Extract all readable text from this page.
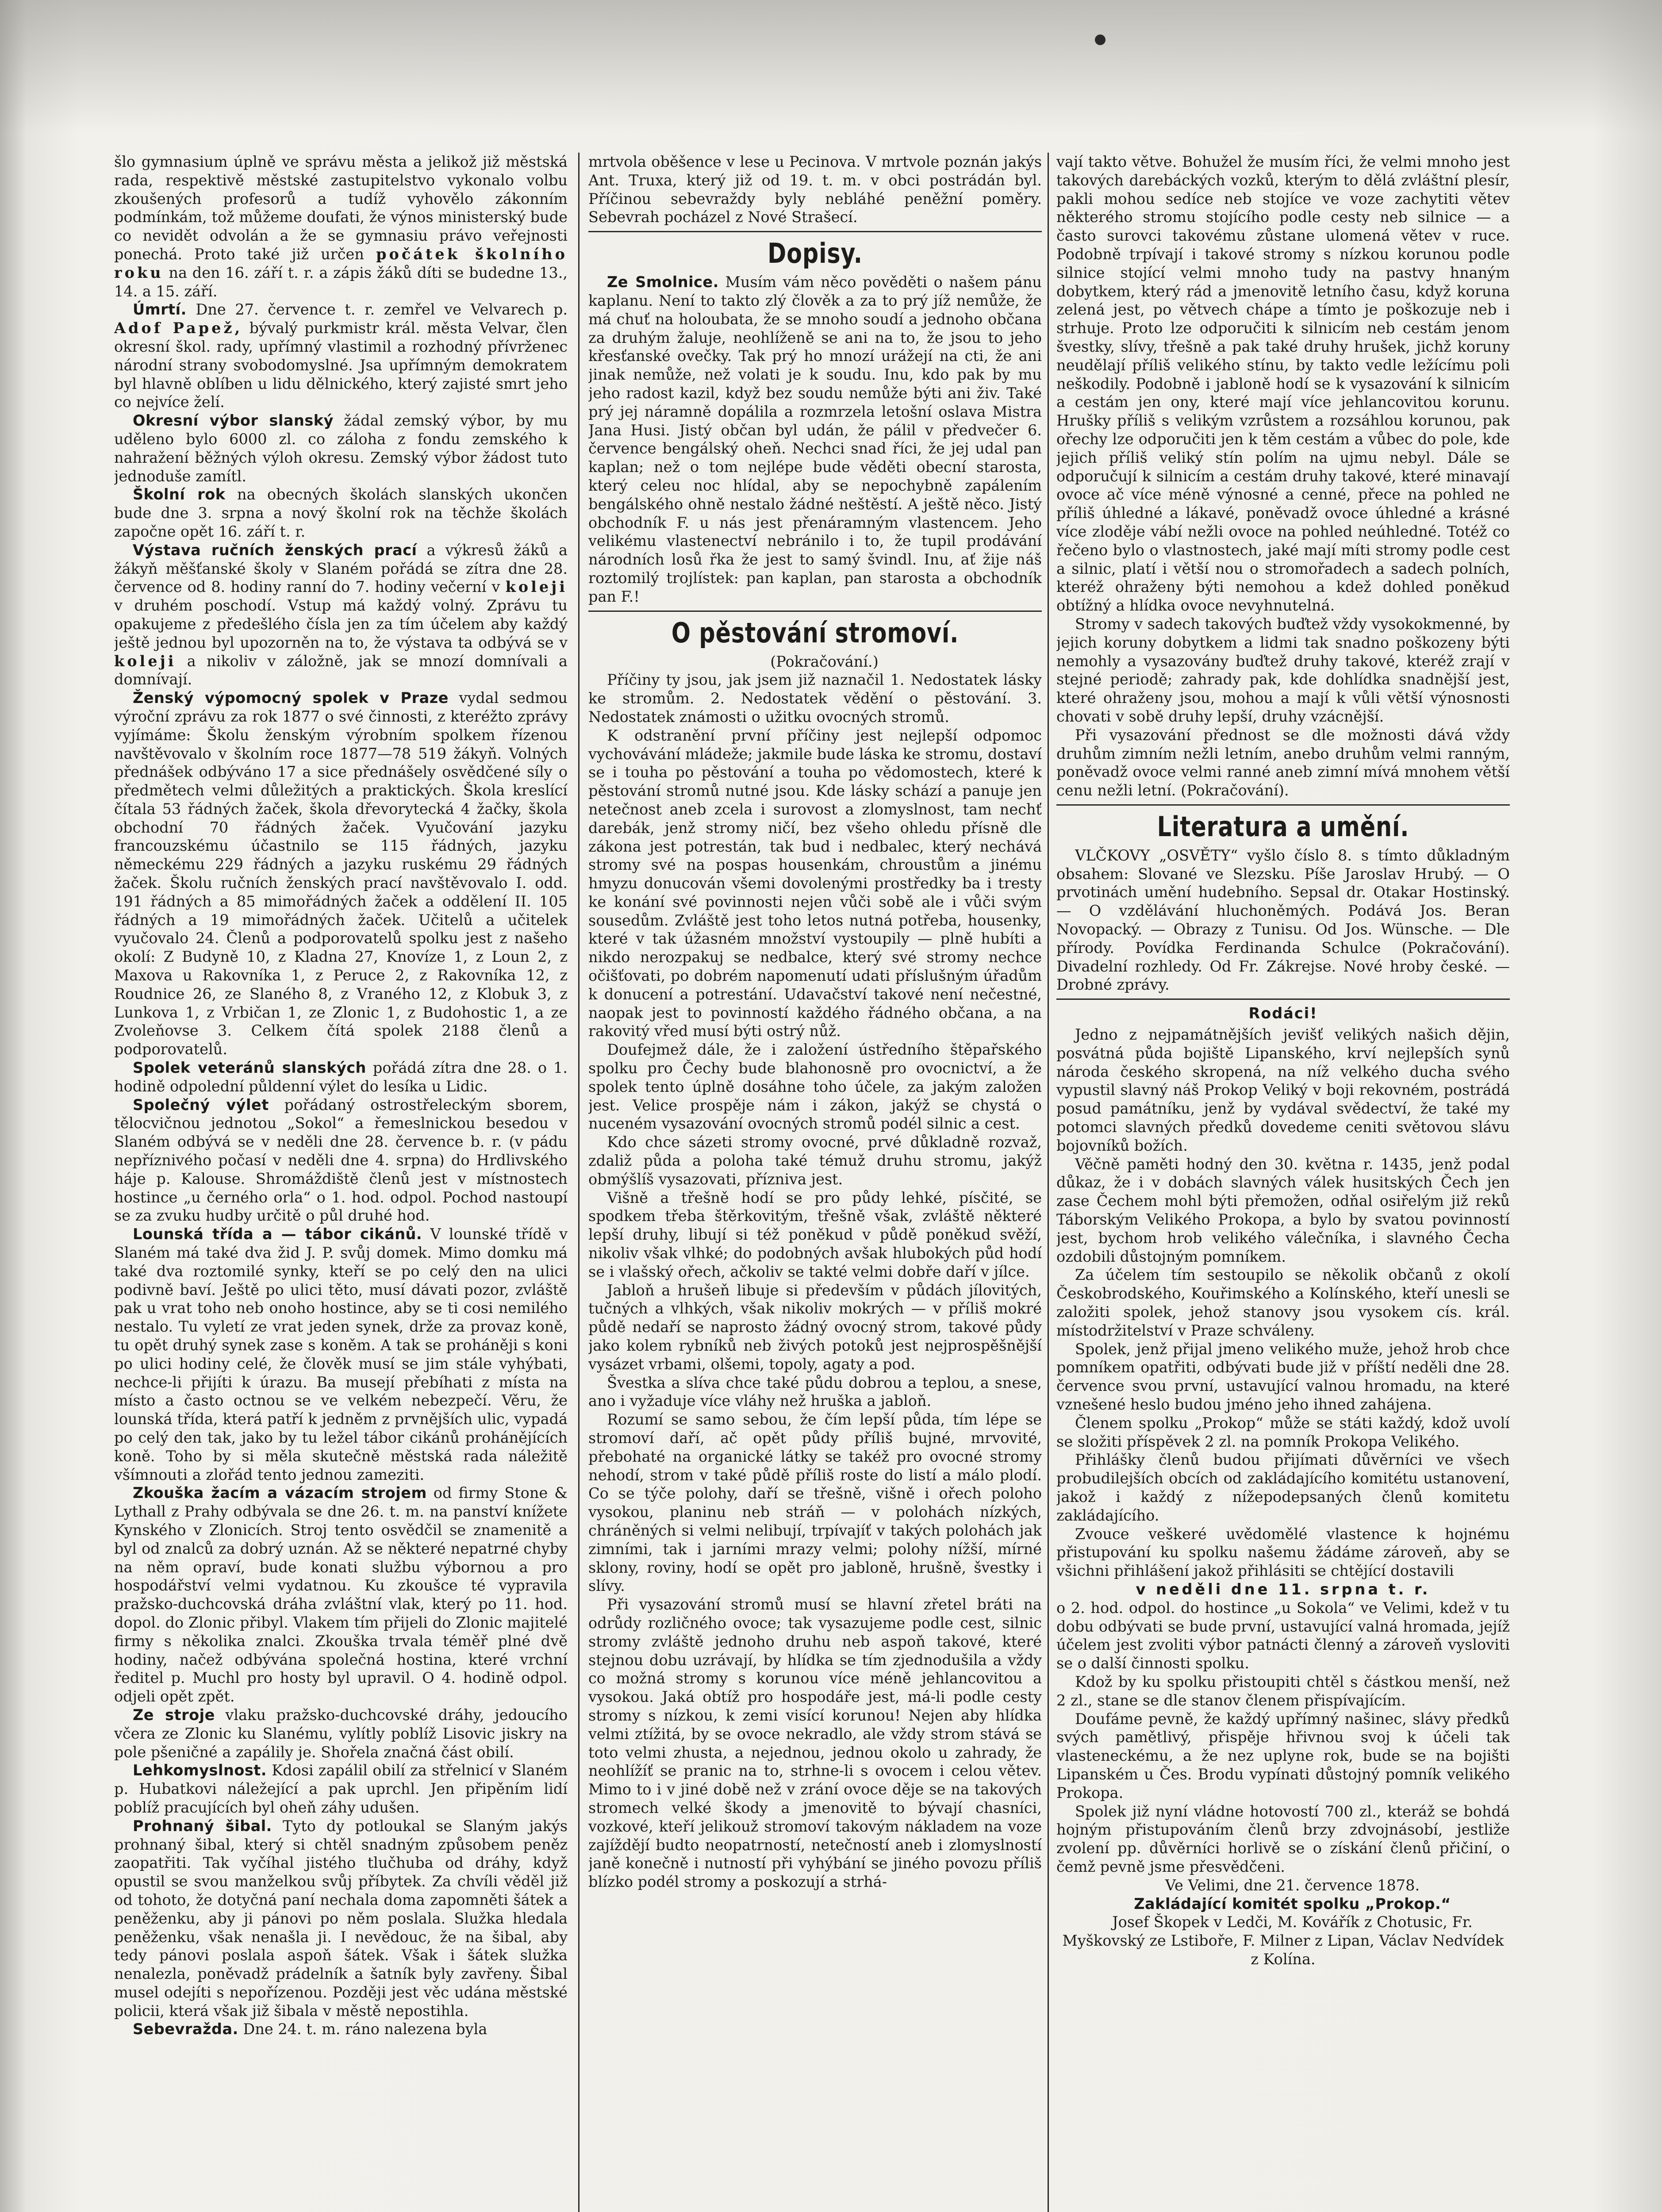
šlo gymnasium úplně ve správu města a jelikož již městská rada, respektivě městské zastupitelstvo vykonalo volbu zkoušených profesorů a tudíž vyhovělo zákonním podmínkám, tož můžeme doufati, že výnos ministerský bude co nevidět odvolán a že se gymnasiu právo veřejnosti ponechá. Proto také již určen počátek školního roku na den 16. září t. r. a zápis žáků díti se budedne 13., 14. a 15. září.

Úmrtí. Dne 27. července t. r. zemřel ve Velvarech p. Adof Papež, bývalý purkmistr král. města Velvar, člen okresní škol. rady, upřímný vlastimil a rozhodný přívrženec národní strany svobodomyslné. Jsa upřímným demokratem byl hlavně oblíben u lidu dělnického, který zajisté smrt jeho co nejvíce želí.

Okresní výbor slanský žádal zemský výbor, by mu uděleno bylo 6000 zl. co záloha z fondu zemského k nahražení běžných výloh okresu. Zemský výbor žádost tuto jednoduše zamítl.

Školní rok na obecných školách slanských ukončen bude dne 3. srpna a nový školní rok na těchže školách započne opět 16. září t. r.

Výstava ručních ženských prací a výkresů žáků a žákyň měšťanské školy v Slaném pořádá se zítra dne 28. července od 8. hodiny ranní do 7. hodiny večerní v koleji v druhém poschodí. Vstup má každý volný. Zprávu tu opakujeme z předešlého čísla jen za tím účelem aby každý ještě jednou byl upozorněn na to, že výstava ta odbývá se v koleji a nikoliv v záložně, jak se mnozí domnívali a domnívají.

Ženský výpomocný spolek v Praze vydal sedmou výroční zprávu za rok 1877 o své činnosti, z kteréžto zprávy vyjímáme: Školu ženským výrobním spolkem řízenou navštěvovalo v školním roce 1877—78 519 žákyň. Volných přednášek odbýváno 17 a sice přednášely osvědčené síly o předmětech velmi důležitých a praktických. Škola kreslící čítala 53 řádných žaček, škola dřevorytecká 4 žačky, škola obchodní 70 řádných žaček. Vyučování jazyku francouzskému účastnilo se 115 řádných, jazyku německému 229 řádných a jazyku ruskému 29 řádných žaček. Školu ručních ženských prací navštěvovalo I. odd. 191 řádných a 85 mimořádných žaček a oddělení II. 105 řádných a 19 mimořádných žaček. Učitelů a učitelek vyučovalo 24. Členů a podporovatelů spolku jest z našeho okolí: Z Budyně 10, z Kladna 27, Knovíze 1, z Loun 2, z Maxova u Rakovníka 1, z Peruce 2, z Rakovníka 12, z Roudnice 26, ze Slaného 8, z Vraného 12, z Klobuk 3, z Lunkova 1, z Vrbičan 1, ze Zlonic 1, z Budohostic 1, a ze Zvoleňovse 3. Celkem čítá spolek 2188 členů a podporovatelů.

Spolek veteránů slanských pořádá zítra dne 28. o 1. hodině odpolední půldenní výlet do lesíka u Lidic.

Společný výlet pořádaný ostrostřeleckým sborem, tělocvičnou jednotou „Sokol“ a řemeslnickou besedou v Slaném odbývá se v neděli dne 28. července b. r. (v pádu nepříznivého počasí v neděli dne 4. srpna) do Hrdlivského háje p. Kalouse. Shromáždiště členů jest v místnostech hostince „u černého orla“ o 1. hod. odpol. Pochod nastoupí se za zvuku hudby určitě o půl druhé hod.

Lounská třída a — tábor cikánů. V lounské třídě v Slaném má také dva žid J. P. svůj domek. Mimo domku má také dva roztomilé synky, kteří se po celý den na ulici podivně baví. Ještě po ulici těto, musí dávati pozor, zvláště pak u vrat toho neb onoho hostince, aby se ti cosi nemilého nestalo. Tu vyletí ze vrat jeden synek, drže za provaz koně, tu opět druhý synek zase s koněm. A tak se proháněji s koni po ulici hodiny celé, že člověk musí se jim stále vyhýbati, nechce-li přijíti k úrazu. Ba musejí přebíhati z místa na místo a často octnou se ve velkém nebezpečí. Věru, že lounská třída, která patří k jedněm z prvnějších ulic, vypadá po celý den tak, jako by tu ležel tábor cikánů prohánějících koně. Toho by si měla skutečně městská rada náležitě všímnouti a zlořád tento jednou zameziti.

Zkouška žacím a vázacím strojem od firmy Stone & Lythall z Prahy odbývala se dne 26. t. m. na panství knížete Kynského v Zlonicích. Stroj tento osvědčil se znamenitě a byl od znalců za dobrý uznán. Až se některé nepatrné chyby na něm opraví, bude konati službu výbornou a pro hospodářství velmi vydatnou. Ku zkoušce té vypravila pražsko-duchcovská dráha zvláštní vlak, který po 11. hod. dopol. do Zlonic přibyl. Vlakem tím přijeli do Zlonic majitelé firmy s několika znalci. Zkouška trvala téměř plné dvě hodiny, načež odbývána společná hostina, které vrchní ředitel p. Muchl pro hosty byl upravil. O 4. hodině odpol. odjeli opět zpět.

Ze stroje vlaku pražsko-duchcovské dráhy, jedoucího včera ze Zlonic ku Slanému, vylítly poblíž Lisovic jiskry na pole pšeničné a zapálily je. Shořela značná část obilí.

Lehkomyslnost. Kdosi zapálil obilí za střelnicí v Slaném p. Hubatkovi náležející a pak uprchl. Jen připěním lidí poblíž pracujících byl oheň záhy udušen.

Prohnaný šibal. Tyto dy potloukal se Slaným jakýs prohnaný šibal, který si chtěl snadným způsobem peněz zaopatřiti. Tak vyčíhal jistého tlučhuba od dráhy, když opustil se svou manželkou svůj příbytek. Za chvíli věděl již od tohoto, že dotyčná paní nechala doma zapomněti šátek a peněženku, aby ji pánovi po něm poslala. Služka hledala peněženku, však nenašla ji. I nevědouc, že na šibal, aby tedy pánovi poslala aspoň šátek. Však i šátek služka nenalezla, poněvadž prádelník a šatník byly zavřeny. Šibal musel odejíti s nepořízenou. Později jest věc udána městské policii, která však již šibala v městě nepostihla.

Sebevražda. Dne 24. t. m. ráno nalezena byla

mrtvola oběšence v lese u Pecinova. V mrtvole poznán jakýs Ant. Truxa, který již od 19. t. m. v obci postrádán byl. Příčinou sebevraždy byly nebláhé peněžní poměry. Sebevrah pocházel z Nové Strašecí.

Dopisy.

Ze Smolnice. Musím vám něco pověděti o našem pánu kaplanu. Není to takto zlý člověk a za to prý jíž nemůže, že má chuť na holoubata, že se mnoho soudí a jednoho občana za druhým žaluje, neohlíženě se ani na to, že jsou to jeho křesťanské ovečky. Tak prý ho mnozí urážejí na cti, že ani jinak nemůže, než volati je k soudu. Inu, kdo pak by mu jeho radost kazil, když bez soudu nemůže býti ani živ. Také prý jej náramně dopálila a rozmrzela letošní oslava Mistra Jana Husi. Jistý občan byl udán, že pálil v předvečer 6. července bengálský oheň. Nechci snad říci, že jej udal pan kaplan; než o tom nejlépe bude věděti obecní starosta, který celeu noc hlídal, aby se nepochybně zapálením bengálského ohně nestalo žádné neštěstí. A ještě něco. Jistý obchodník F. u nás jest přenáramným vlastencem. Jeho velikému vlastenectví nebránilo i to, že tupil prodávání národních losů řka že jest to samý švindl. Inu, ať žije náš roztomilý trojlístek: pan kaplan, pan starosta a obchodník pan F.!

O pěstování stromoví.

(Pokračování.)

Příčiny ty jsou, jak jsem již naznačil 1. Nedostatek lásky ke stromům. 2. Nedostatek vědění o pěstování. 3. Nedostatek známosti o užitku ovocných stromů.

K odstranění první příčiny jest nejlepší odpomoc vychovávání mládeže; jakmile bude láska ke stromu, dostaví se i touha po pěstování a touha po vědomostech, které k pěstování stromů nutné jsou. Kde lásky schází a panuje jen netečnost aneb zcela i surovost a zlomyslnost, tam nechť darebák, jenž stromy ničí, bez všeho ohledu přísně dle zákona jest potrestán, tak bud i nedbalec, který nechává stromy své na pospas housenkám, chroustům a jinému hmyzu donucován všemi dovolenými prostředky ba i tresty ke konání své povinnosti nejen vůči sobě ale i vůči svým sousedům. Zvláště jest toho letos nutná potřeba, housenky, které v tak úžasném množství vystoupily — plně hubíti a nikdo nerozpakuj se nedbalce, který své stromy nechce očišťovati, po dobrém napomenutí udati příslušným úřadům k donucení a potrestání. Udavačství takové není nečestné, naopak jest to povinností každého řádného občana, a na rakovitý vřed musí býti ostrý nůž.

Doufejmež dále, že i založení ústředního štěpařského spolku pro Čechy bude blahonosně pro ovocnictví, a že spolek tento úplně dosáhne toho účele, za jakým založen jest. Velice prospěje nám i zákon, jakýž se chystá o nuceném vysazování ovocných stromů podél silnic a cest.

Kdo chce sázeti stromy ovocné, prvé důkladně rozvaž, zdaliž půda a poloha také témuž druhu stromu, jakýž obmýšlíš vysazovati, příznivа jest.

Višně a třešně hodí se pro půdy lehké, písčité, se spodkem třeba štěrkovitým, třešně však, zvláště některé lepší druhy, libují si též poněkud v půdě poněkud svěží, nikoliv však vlhké; do podobných avšak hlubokých půd hodí se i vlašský ořech, ačkoliv se takté velmi dobře daří v jílce.

Jabloň a hrušeň libuje si především v půdách jílovitých, tučných a vlhkých, však nikoliv mokrých — v příliš mokré půdě nedaří se naprosto žádný ovocný strom, takové půdy jako kolem rybníků neb živých potoků jest nejprospěšnější vysázet vrbami, olšemi, topoly, agaty a pod.

Švestka a slíva chce také půdu dobrou a teplou, a snese, ano i vyžaduje více vláhy než hruška a jabloň.

Rozumí se samo sebou, že čím lepší půda, tím lépe se stromoví daří, ač opět půdy příliš bujné, mrvovité, přebohaté na organické látky se takéž pro ovocné stromy nehodí, strom v také půdě příliš roste do listí a málo plodí. Co se týče polohy, daří se třešně, višně i ořech poloho vysokou, planinu neb stráň — v polohách nízkých, chráněných si velmi nelibují, trpívajíť v takých polohách jak zimními, tak i jarními mrazy velmi; polohy nížší, mírné sklony, roviny, hodí se opět pro jabloně, hrušně, švestky i slívy.

Při vysazování stromů musí se hlavní zřetel bráti na odrůdy rozličného ovoce; tak vysazujeme podle cest, silnic stromy zvláště jednoho druhu neb aspoň takové, které stejnou dobu uzrávají, by hlídka se tím zjednodušila a vždy co možná stromy s korunou více méně jehlancovitou a vysokou. Jaká obtíž pro hospodáře jest, má-li podle cesty stromy s nízkou, k zemi visící korunou! Nejen aby hlídka velmi ztížitá, by se ovoce nekradlo, ale vždy strom stává se toto velmi zhusta, a nejednou, jednou okolo u zahrady, že neohlížíť se pranic na to, strhne-li s ovocem i celou větev. Mimo to i v jiné době než v zrání ovoce děje se na takových stromech velké škody a jmenovitě to bývají chasníci, vozkové, kteří jelikouž stromoví takovým nákladem na voze zajíždějí budto neopatrností, netečností aneb i zlomyslností janě konečně i nutností při vyhýbání se jiného povozu příliš blízko podél stromy a poskozují a strhá-

vají takto větve. Bohužel že musím říci, že velmi mnoho jest takových darebáckých vozků, kterým to dělá zvláštní plesír, pakli mohou sedíce neb stojíce ve voze zachytiti větev některého stromu stojícího podle cesty neb silnice — a často surovci takovému zůstane ulomená větev v ruce. Podobně trpívají i takové stromy s nízkou korunou podle silnice stojící velmi mnoho tudy na pastvy hnaným dobytkem, který rád a jmenovitě letního času, když koruna zelená jest, po větvech chápe a tímto je poškozuje neb i strhuje. Proto lze odporučiti k silnicím neb cestám jenom švestky, slívy, třešně a pak také druhy hrušek, jichž koruny neudělají příliš velikého stínu, by takto vedle ležícímu poli neškodily. Podobně i jabloně hodí se k vysazování k silnicím a cestám jen ony, které mají více jehlancovitou korunu. Hrušky příliš s velikým vzrůstem a rozsáhlou korunou, pak ořechy lze odporučiti jen k těm cestám a vůbec do pole, kde jejich příliš veliký stín polím na ujmu nebyl. Dále se odporučují k silnicím a cestám druhy takové, které minavají ovoce ač více méně výnosné a cenné, přece na pohled ne příliš úhledné a lákavé, poněvadž ovoce úhledné a krásné více zloděje vábí nežli ovoce na pohled neúhledné. Totéž co řečeno bylo o vlastnostech, jaké mají míti stromy podle cest a silnic, platí i větší nou o stromořadech a sadech polních, kteréž ohraženy býti nemohou a kdež dohled poněkud obtížný a hlídka ovoce nevyhnutelná.

Stromy v sadech takových buďtež vždy vysokokmenné, by jejich koruny dobytkem a lidmi tak snadno poškozeny býti nemohly a vysazovány buďtež druhy takové, kteréž zrají v stejné periodě; zahrady pak, kde dohlídka snadnější jest, které ohraženy jsou, mohou a mají k vůli větší výnosnosti chovati v sobě druhy lepší, druhy vzácnější.

Při vysazování přednost se dle možnosti dává vždy druhům zimním nežli letním, anebo druhům velmi ranným, poněvadž ovoce velmi ranné aneb zimní mívá mnohem větší cenu nežli letní. (Pokračování).

Literatura a umění.

VLČKOVY „OSVĚTY“ vyšlo číslo 8. s tímto důkladným obsahem: Slované ve Slezsku. Píše Jaroslav Hrubý. — O prvotinách umění hudebního. Sepsal dr. Otakar Hostinský. — O vzdělávání hluchoněmých. Podává Jos. Beran Novopacký. — Obrazy z Tunisu. Od Jos. Wünsche. — Dle přírody. Povídka Ferdinanda Schulce (Pokračování). Divadelní rozhledy. Od Fr. Zákrejse. Nové hroby české. — Drobné zprávy.

Rodáci!

Jedno z nejpamátnějších jevišť velikých našich dějin, posvátná půda bojiště Lipanského, krví nejlepších synů národa českého skropená, na níž velkého ducha svého vypustil slavný náš Prokop Veliký v boji rekovném, postrádá posud památníku, jenž by vydával svědectví, že také my potomci slavných předků dovedeme ceniti světovou slávu bojovníků božích.

Věčně paměti hodný den 30. května r. 1435, jenž podal důkaz, že i v dobách slavných válek husitských Čech jen zase Čechem mohl býti přemožen, odňal osiřelým již reků Táborským Velikého Prokopa, a bylo by svatou povinností jest, bychom hrob velikého válečníka, i slavného Čecha ozdobili důstojným pomníkem.

Za účelem tím sestoupilo se několik občanů z okolí Českobrodského, Kouřimského a Kolínského, kteří unesli se založiti spolek, jehož stanovy jsou vysokem cís. král. místodržitelství v Praze schváleny.

Spolek, jenž přijal jmeno velikého muže, jehož hrob chce pomníkem opatřiti, odbývati bude již v příští neděli dne 28. července svou první, ustavující valnou hromadu, na které vznešené heslo budou jméno jeho ihned zahájena.

Členem spolku „Prokop“ může se státi každý, kdož uvolí se složiti příspěvek 2 zl. na pomník Prokopa Velikého.

Přihlášky členů budou přijímati důvěrníci ve všech probudilejších obcích od zakládajícího komitétu ustanovení, jakož i každý z nížepodepsaných členů komitetu zakládajícího.

Zvouce veškeré uvědomělé vlastence k hojnému přistupování ku spolku našemu žádáme zároveň, aby se všichni přihlášení jakož přihlásiti se chtějící dostavili

v neděli dne 11. srpna t. r.

o 2. hod. odpol. do hostince „u Sokola“ ve Velimi, kdež v tu dobu odbývati se bude první, ustavující valná hromada, jejíž účelem jest zvoliti výbor patnácti členný a zároveň vysloviti se o další činnosti spolku.

Kdož by ku spolku přistoupiti chtěl s částkou menší, než 2 zl., stane se dle stanov členem přispívajícím.

Doufáme pevně, že každý upřímný našinec, slávy předků svých pamětlivý, přispěje hřivnou svoj k účeli tak vlasteneckému, a že nez uplyne rok, bude se na bojišti Lipanském u Čes. Brodu vypínati důstojný pomník velikého Prokopa.

Spolek již nyní vládne hotovostí 700 zl., kteráž se bohdá hojným přistupováním členů brzy zdvojnásobí, jestliže zvolení pp. důvěrníci horlivě se o získání členů přičiní, o čemž pevně jsme přesvědčeni.

Ve Velimi, dne 21. července 1878.

Zakládající komitét spolku „Prokop.“

Josef Škopek v Ledči, M. Kovářík z Chotusic, Fr. Myškovský ze Lstiboře, F. Milner z Lipan, Václav Nedvídek z Kolína.
